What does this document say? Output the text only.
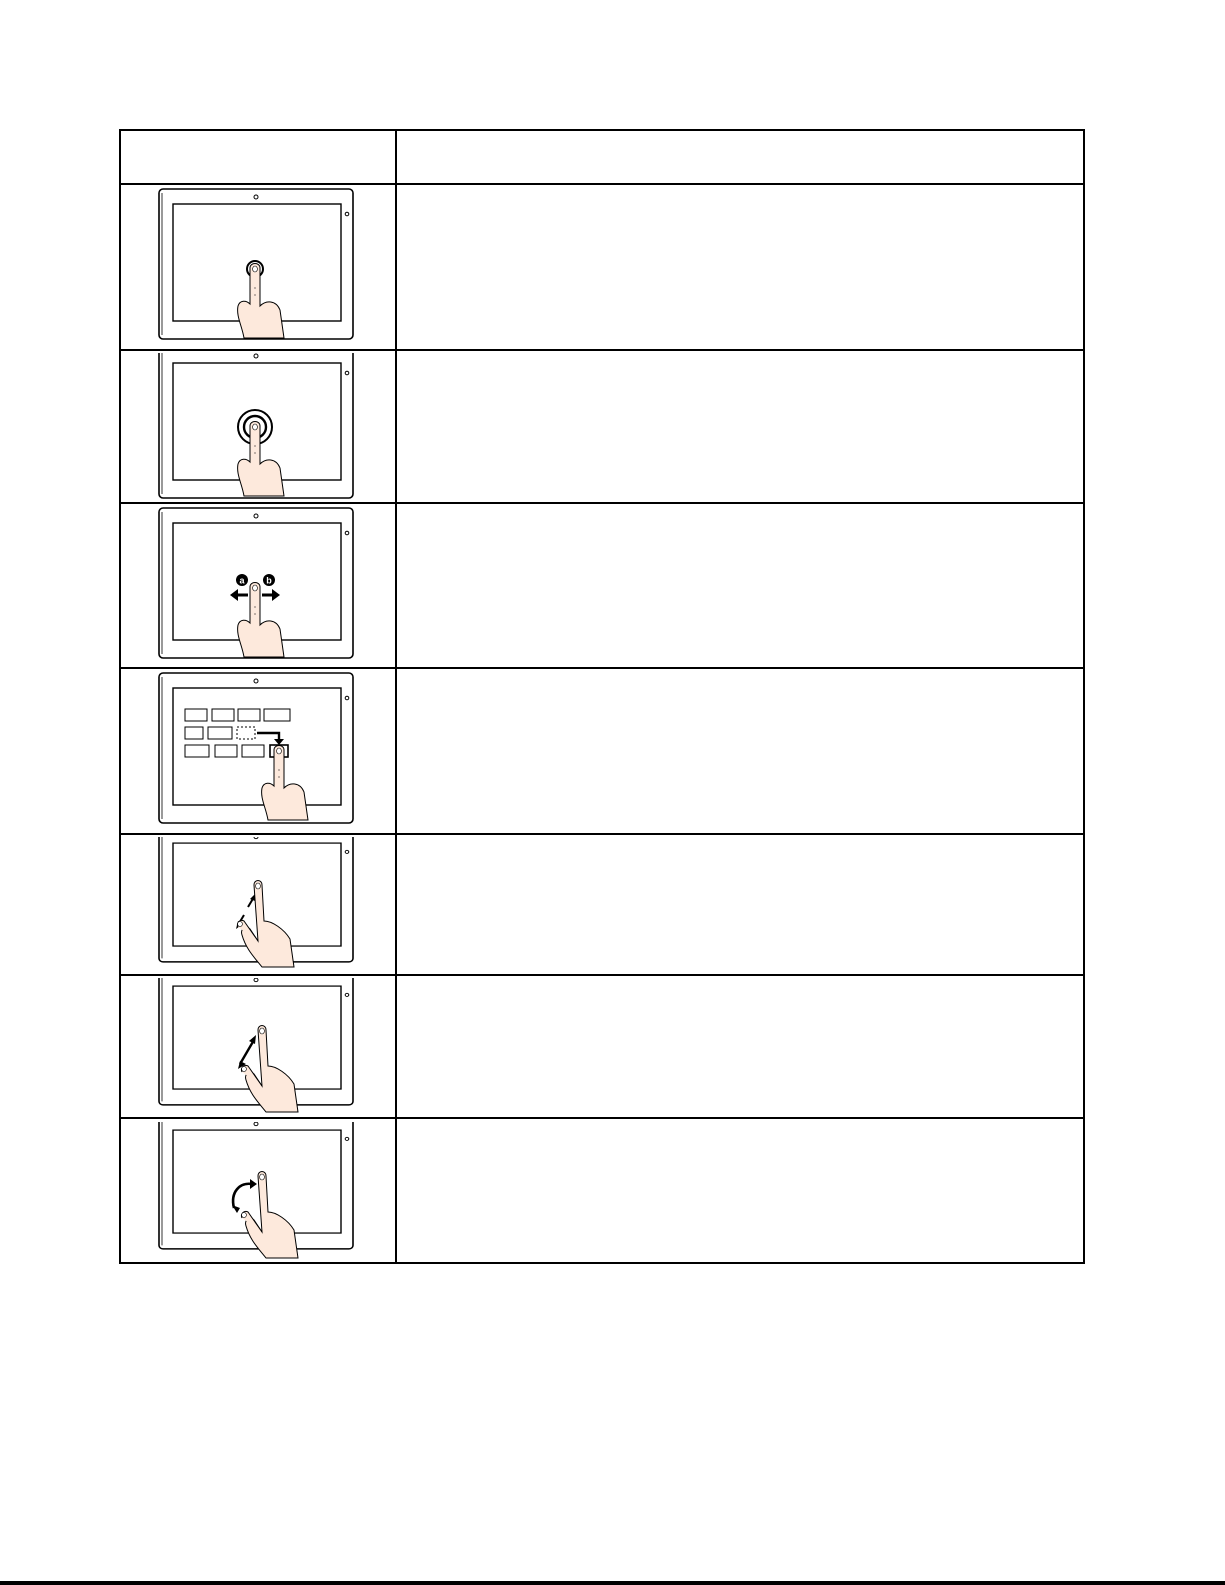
a b	
